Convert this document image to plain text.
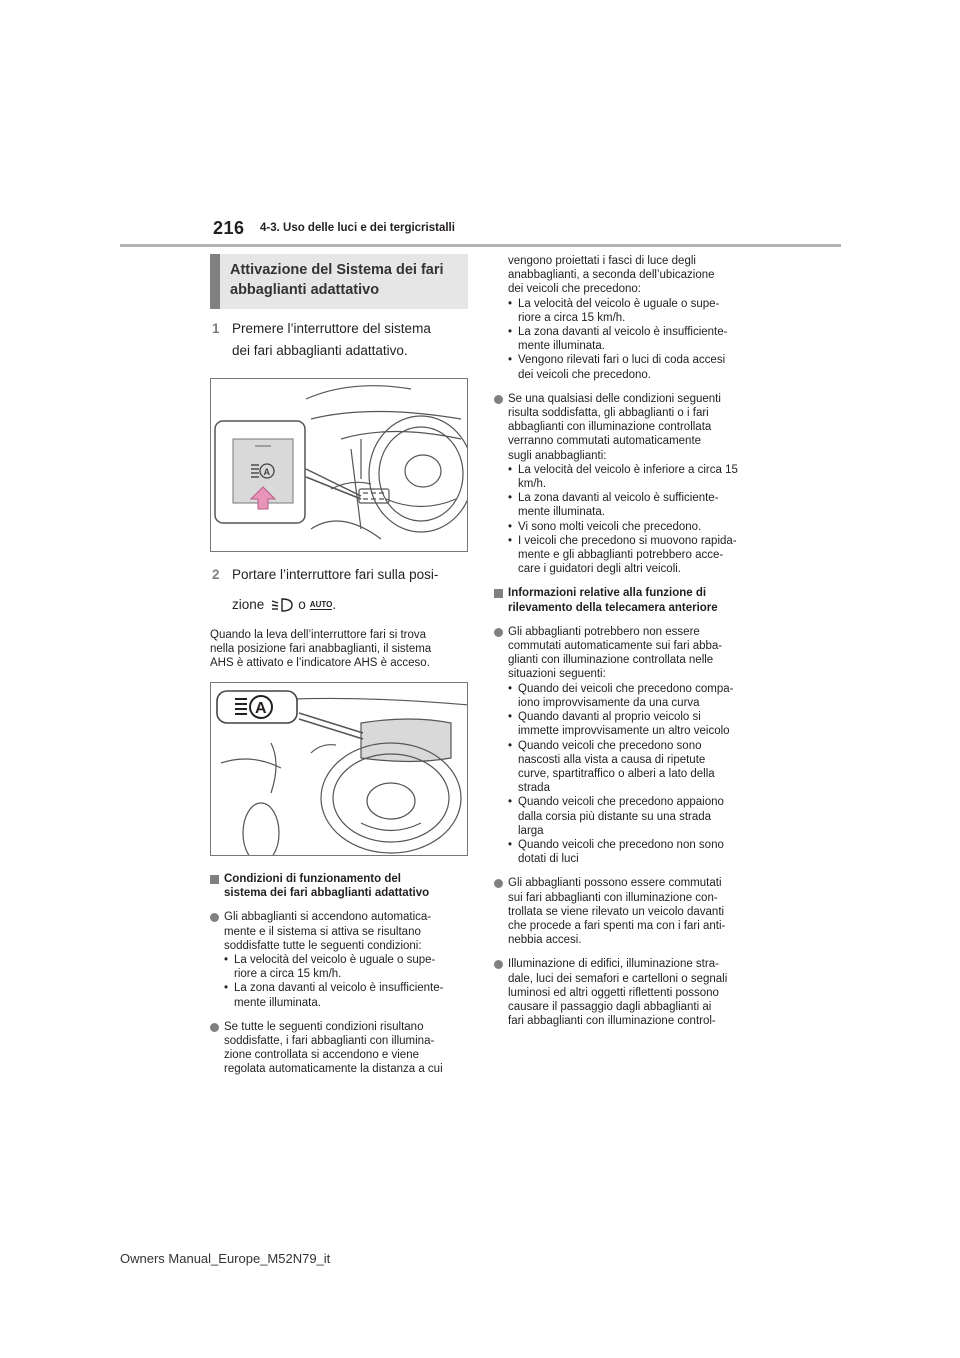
216 4-3. Uso delle luci e dei tergicristalli
Attivazione del Sistema dei fari
abbaglianti adattativo
1 Premere l’interruttore del sistema
dei fari abbaglianti adattativo.
A
2 Portare l’interruttore fari sulla posi-
zione	o AUTO .
Quando la leva dell’interruttore fari si trova
nella posizione fari anabbaglianti, il sistema
AHS è attivato e l’indicatore AHS è acceso.
A
Condizioni di funzionamento del
sistema dei fari abbaglianti adattativo
Gli abbaglianti si accendono automatica-
mente e il sistema si attiva se risultano
soddisfatte tutte le seguenti condizioni:
• La velocità del veicolo è uguale o supe-
riore a circa 15 km/h.
• La zona davanti al veicolo è insufficiente-
mente illuminata.
Se tutte le seguenti condizioni risultano
soddisfatte, i fari abbaglianti con illumina-
zione controllata si accendono e viene
regolata automaticamente la distanza a cui
vengono proiettati i fasci di luce degli
anabbaglianti, a seconda dell’ubicazione
dei veicoli che precedono:
• La velocità del veicolo è uguale o supe-
riore a circa 15 km/h.
• La zona davanti al veicolo è insufficiente-
mente illuminata.
• Vengono rilevati fari o luci di coda accesi
dei veicoli che precedono.
Se una qualsiasi delle condizioni seguenti
risulta soddisfatta, gli abbaglianti o i fari
abbaglianti con illuminazione controllata
verranno commutati automaticamente
sugli anabbaglianti:
• La velocità del veicolo è inferiore a circa 15
km/h.
• La zona davanti al veicolo è sufficiente-
mente illuminata.
• Vi sono molti veicoli che precedono.
• I veicoli che precedono si muovono rapida-
mente e gli abbaglianti potrebbero acce-
care i guidatori degli altri veicoli.
Informazioni relative alla funzione di
rilevamento della telecamera anteriore
Gli abbaglianti potrebbero non essere
commutati automaticamente sui fari abba-
glianti con illuminazione controllata nelle
situazioni seguenti:
• Quando dei veicoli che precedono compa-
iono improvvisamente da una curva
• Quando davanti al proprio veicolo si
immette improvvisamente un altro veicolo
• Quando veicoli che precedono sono
nascosti alla vista a causa di ripetute
curve, spartitraffico o alberi a lato della
strada
• Quando veicoli che precedono appaiono
dalla corsia più distante su una strada
larga
• Quando veicoli che precedono non sono
dotati di luci
Gli abbaglianti possono essere commutati
sui fari abbaglianti con illuminazione con-
trollata se viene rilevato un veicolo davanti
che procede a fari spenti ma con i fari anti-
nebbia accesi.
Illuminazione di edifici, illuminazione stra-
dale, luci dei semafori e cartelloni o segnali
luminosi ed altri oggetti riflettenti possono
causare il passaggio dagli abbaglianti ai
fari abbaglianti con illuminazione control-
Owners Manual_Europe_M52N79_it
